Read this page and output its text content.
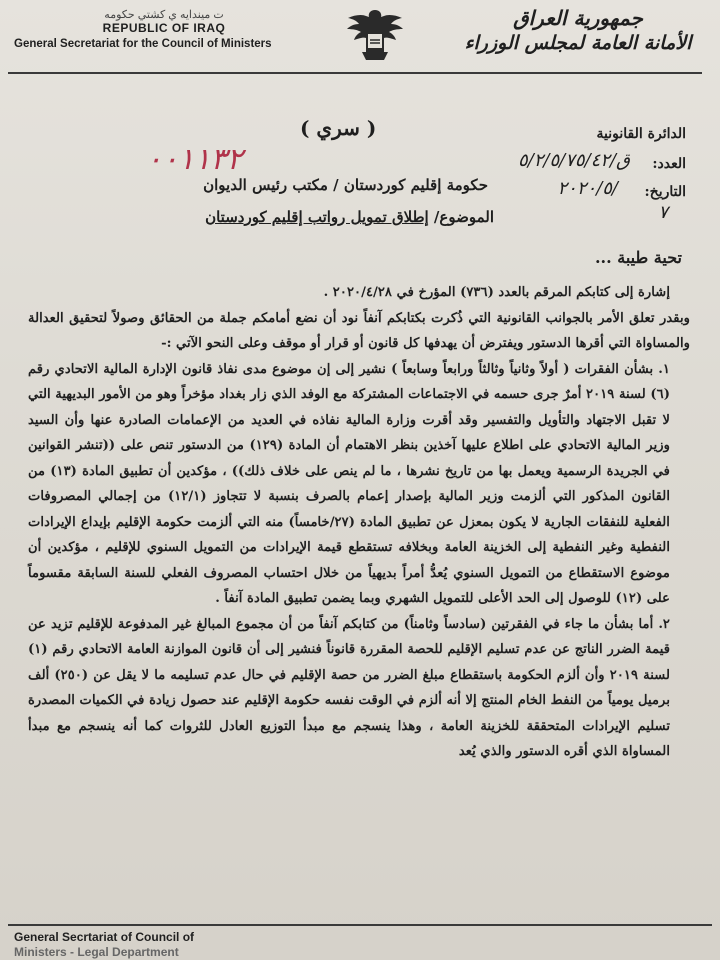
ت ميندايه ي كشتي حكومه
REPUBLIC OF IRAQ
General Secretariat for the Council of Ministers
جمهورية العراق
الأمانة العامة لمجلس الوزراء
( سري )	الدائرة القانونية
العدد:
ق/٥/٢/٥/٧٥/٤٢
التاريخ:
٢٠٢٠/٥/
٧
٠٠١١٣٢
حكومة إقليم كوردستان / مكتب رئيس الديوان
الموضوع/ إطلاق تمويل رواتب إقليم كوردستان
تحية طيبة ...

إشارة إلى كتابكم المرقم بالعدد (٧٣٦) المؤرخ في ٢٠٢٠/٤/٢٨ .

وبقدر تعلق الأمر بالجوانب القانونية التي ذُكرت بكتابكم آنفاً نود أن نضع أمامكم جملة من الحقائق وصولاً لتحقيق العدالة والمساواة التي أقرها الدستور ويفترض أن يهدفها كل قانون أو قرار أو موقف وعلى النحو الآتي :-

١. بشأن الفقرات ( أولاً وثانياً وثالثاً ورابعاً وسابعاً ) نشير إلى إن موضوع مدى نفاذ قانون الإدارة المالية الاتحادي رقم (٦) لسنة ٢٠١٩ أمرٌ جرى حسمه في الاجتماعات المشتركة مع الوفد الذي زار بغداد مؤخراً وهو من الأمور البديهية التي لا تقبل الاجتهاد والتأويل والتفسير وقد أقرت وزارة المالية نفاذه في العديد من الإعمامات الصادرة عنها وأن السيد وزير المالية الاتحادي على اطلاع عليها آخذين بنظر الاهتمام أن المادة (١٢٩) من الدستور تنص على ((تنشر القوانين في الجريدة الرسمية ويعمل بها من تاريخ نشرها ، ما لم ينص على خلاف ذلك)) ، مؤكدين أن تطبيق المادة (١٣) من القانون المذكور التي ألزمت وزير المالية بإصدار إعمام بالصرف بنسبة لا تتجاوز (١٢/١) من إجمالي المصروفات الفعلية للنفقات الجارية لا يكون بمعزل عن تطبيق المادة (٢٧/خامساً) منه التي ألزمت حكومة الإقليم بإيداع الإيرادات النفطية وغير النفطية إلى الخزينة العامة وبخلافه تستقطع قيمة الإيرادات من التمويل السنوي للإقليم ، مؤكدين أن موضوع الاستقطاع من التمويل السنوي يُعدُّ أمراً بديهياً من خلال احتساب المصروف الفعلي للسنة السابقة مقسوماً على (١٢) للوصول إلى الحد الأعلى للتمويل الشهري وبما يضمن تطبيق المادة آنفاً .

٢. أما بشأن ما جاء في الفقرتين (سادساً وثامناً) من كتابكم آنفاً من أن مجموع المبالغ غير المدفوعة للإقليم تزيد عن قيمة الضرر الناتج عن عدم تسليم الإقليم للحصة المقررة قانوناً فنشير إلى أن قانون الموازنة العامة الاتحادي رقم (١) لسنة ٢٠١٩ وأن ألزم الحكومة باستقطاع مبلغ الضرر من حصة الإقليم في حال عدم تسليمه ما لا يقل عن (٢٥٠) ألف برميل يومياً من النفط الخام المنتج إلا أنه ألزم في الوقت نفسه حكومة الإقليم عند حصول زيادة في الكميات المصدرة تسليم الإيرادات المتحققة للخزينة العامة ، وهذا ينسجم مع مبدأ التوزيع العادل للثروات كما أنه ينسجم مع مبدأ المساواة الذي أقره الدستور والذي يُعد

General Secrtariat of Council of
Ministers - Legal Department
